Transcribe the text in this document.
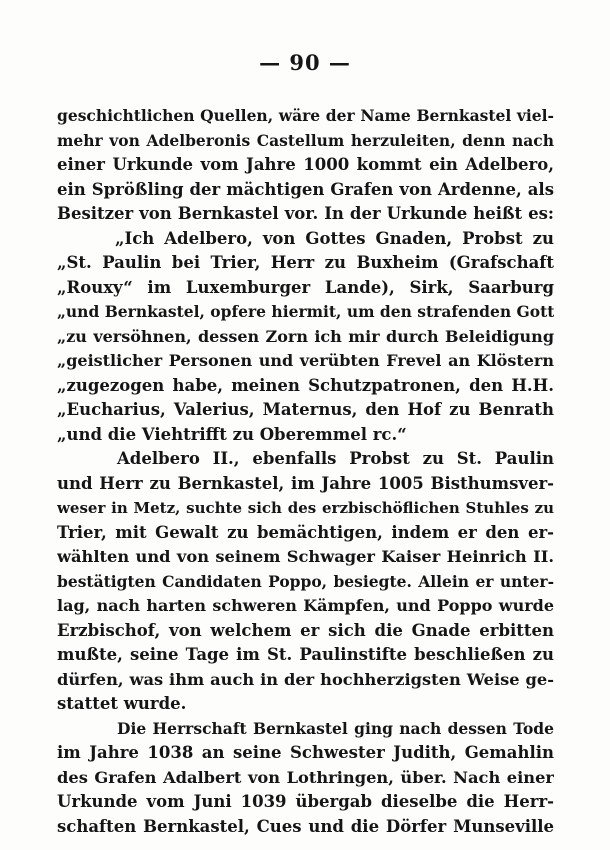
— 90 —
geschichtlichen Quellen, wäre der Name Bernkastel viel-
mehr von Adelberonis Castellum herzuleiten, denn nach
einer Urkunde vom Jahre 1000 kommt ein Adelbero,
ein Sprößling der mächtigen Grafen von Ardenne, als
Besitzer von Bernkastel vor. In der Urkunde heißt es:
„Ich Adelbero, von Gottes Gnaden, Probst zu
„St. Paulin bei Trier, Herr zu Buxheim (Grafschaft
„Rouxy“ im Luxemburger Lande), Sirk, Saarburg
„und Bernkastel, opfere hiermit, um den strafenden Gott
„zu versöhnen, dessen Zorn ich mir durch Beleidigung
„geistlicher Personen und verübten Frevel an Klöstern
„zugezogen habe, meinen Schutzpatronen, den H.H.
„Eucharius, Valerius, Maternus, den Hof zu Benrath
„und die Viehtrifft zu Oberemmel rc.“
Adelbero II., ebenfalls Probst zu St. Paulin
und Herr zu Bernkastel, im Jahre 1005 Bisthumsver-
weser in Metz, suchte sich des erzbischöflichen Stuhles zu
Trier, mit Gewalt zu bemächtigen, indem er den er-
wählten und von seinem Schwager Kaiser Heinrich II.
bestätigten Candidaten Poppo, besiegte. Allein er unter-
lag, nach harten schweren Kämpfen, und Poppo wurde
Erzbischof, von welchem er sich die Gnade erbitten
mußte, seine Tage im St. Paulinstifte beschließen zu
dürfen, was ihm auch in der hochherzigsten Weise ge-
stattet wurde.
Die Herrschaft Bernkastel ging nach dessen Tode
im Jahre 1038 an seine Schwester Judith, Gemahlin
des Grafen Adalbert von Lothringen, über. Nach einer
Urkunde vom Juni 1039 übergab dieselbe die Herr-
schaften Bernkastel, Cues und die Dörfer Munseville
